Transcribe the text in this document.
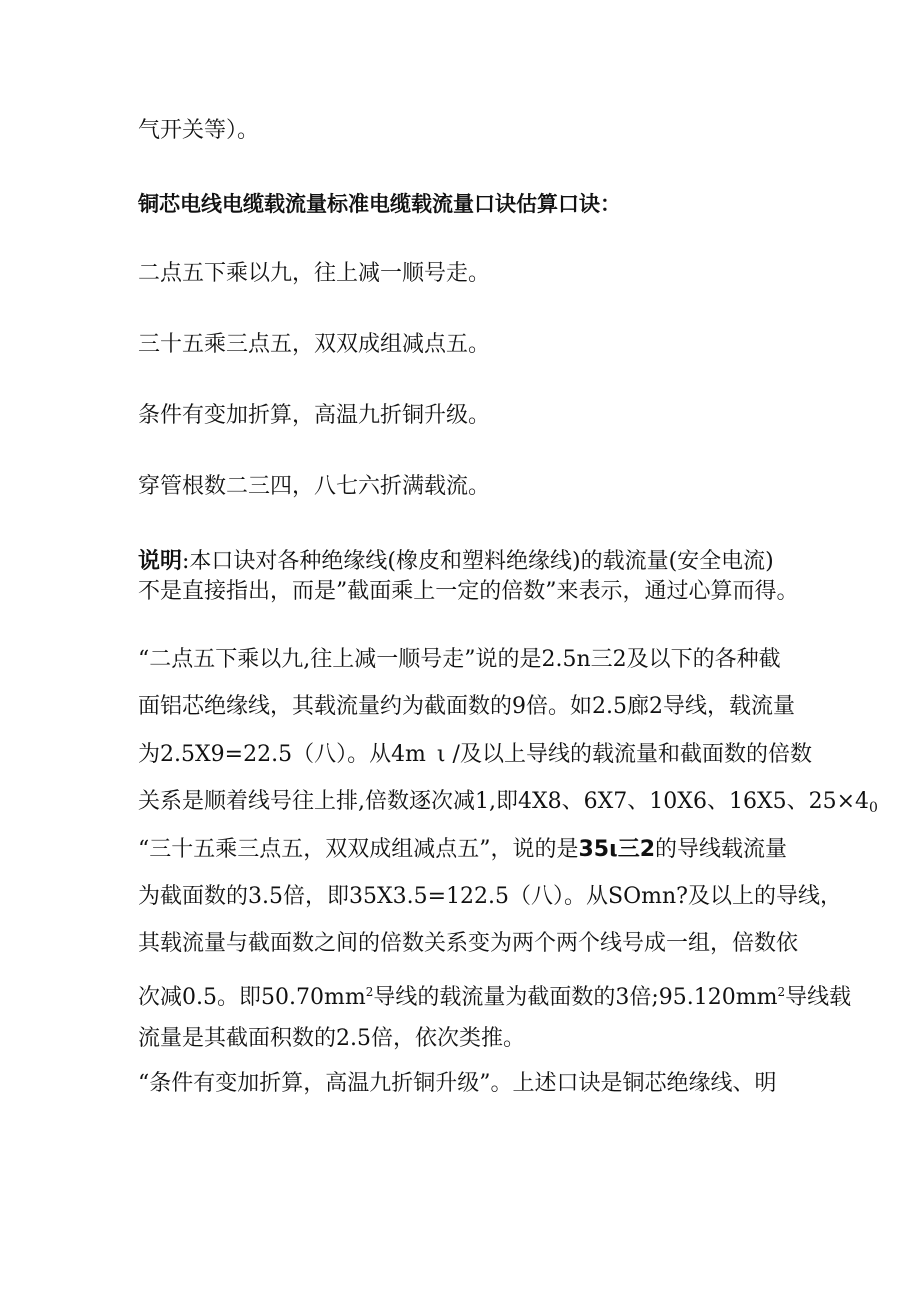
气开关等）。
铜芯电线电缆载流量标准电缆载流量口诀估算口诀：
二点五下乘以九，往上减一顺号走。
三十五乘三点五，双双成组减点五。
条件有变加折算，高温九折铜升级。
穿管根数二三四，八七六折满载流。
说明:本口诀对各种绝缘线(橡皮和塑料绝缘线)的载流量(安全电流)
不是直接指出，而是”截面乘上一定的倍数”来表示，通过心算而得。
“二点五下乘以九,往上减一顺号走”说的是2.5n三2及以下的各种截
面铝芯绝缘线，其载流量约为截面数的9倍。如2.5廊2导线，载流量
为2.5X9=22.5（八）。从4m ι /及以上导线的载流量和截面数的倍数
关系是顺着线号往上排,倍数逐次减1,即4X8、6X7、10X6、16X5、$25\times 4_0$
“三十五乘三点五，双双成组减点五”，说的是35ι三2的导线载流量
为截面数的3.5倍，即35X3.5=122.5（八）。从SOmn?及以上的导线，
其载流量与截面数之间的倍数关系变为两个两个线号成一组，倍数依
次减0.5。即$50.70mm^2$导线的载流量为截面数的3倍$;95.120mm^2$导线载
流量是其截面积数的2.5倍，依次类推。
“条件有变加折算，高温九折铜升级”。上述口诀是铜芯绝缘线、明
